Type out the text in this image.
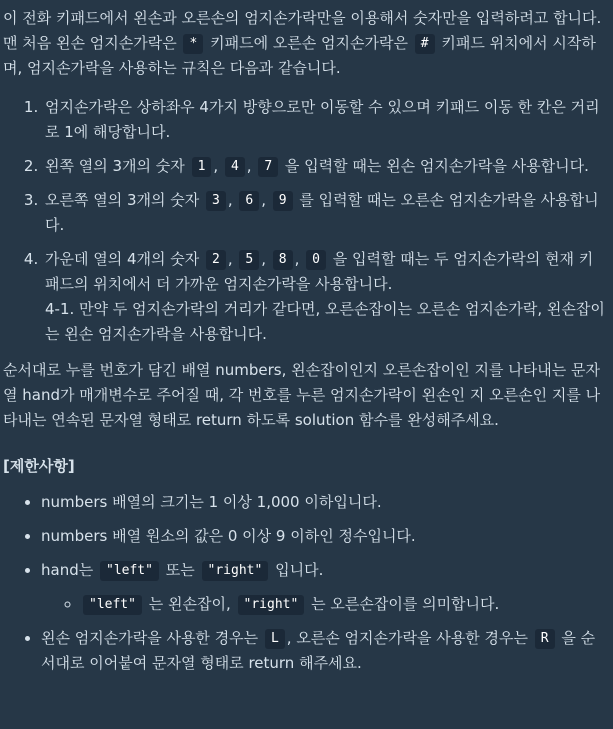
이 전화 키패드에서 왼손과 오른손의 엄지손가락만을 이용해서 숫자만을 입력하려고 합니다.

맨 처음 왼손 엄지손가락은 * 키패드에 오른손 엄지손가락은 # 키패드 위치에서 시작하며, 엄지손가락을 사용하는 규칙은 다음과 같습니다.

1. 엄지손가락은 상하좌우 4가지 방향으로만 이동할 수 있으며 키패드 이동 한 칸은 거리로 1에 해당합니다.
2. 왼쪽 열의 3개의 숫자 1 , 4 , 7 을 입력할 때는 왼손 엄지손가락을 사용합니다.
3. 오른쪽 열의 3개의 숫자 3 , 6 , 9 를 입력할 때는 오른손 엄지손가락을 사용합니다.
4. 가운데 열의 4개의 숫자 2 , 5 , 8 , 0 을 입력할 때는 두 엄지손가락의 현재 키패드의 위치에서 더 가까운 엄지손가락을 사용합니다.
4-1. 만약 두 엄지손가락의 거리가 같다면, 오른손잡이는 오른손 엄지손가락, 왼손잡이는 왼손 엄지손가락을 사용합니다.

순서대로 누를 번호가 담긴 배열 numbers, 왼손잡이인지 오른손잡이인 지를 나타내는 문자열 hand가 매개변수로 주어질 때, 각 번호를 누른 엄지손가락이 왼손인 지 오른손인 지를 나타내는 연속된 문자열 형태로 return 하도록 solution 함수를 완성해주세요.

[제한사항]

• numbers 배열의 크기는 1 이상 1,000 이하입니다.
• numbers 배열 원소의 값은 0 이상 9 이하인 정수입니다.
• hand는 "left" 또는 "right" 입니다.
◦ "left" 는 왼손잡이, "right" 는 오른손잡이를 의미합니다.
• 왼손 엄지손가락을 사용한 경우는 L , 오른손 엄지손가락을 사용한 경우는 R 을 순서대로 이어붙여 문자열 형태로 return 해주세요.
